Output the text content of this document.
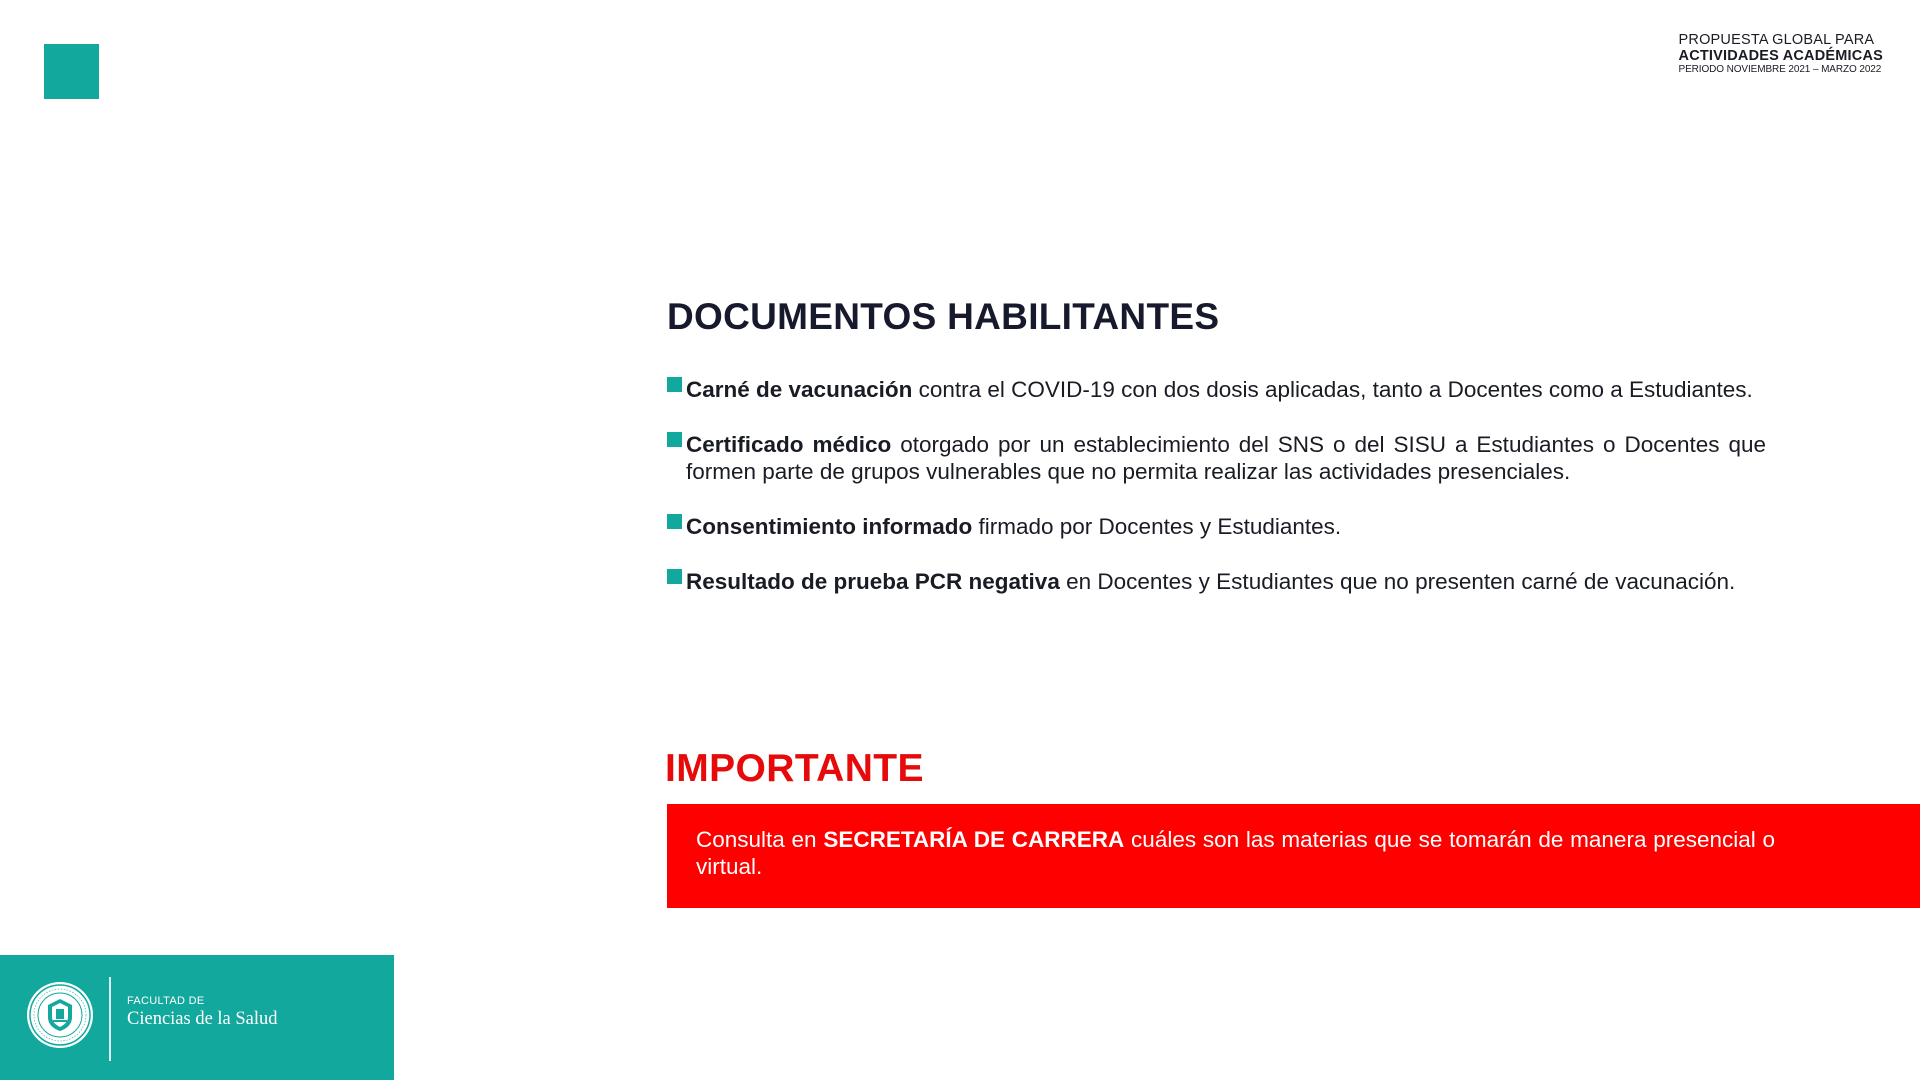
PROPUESTA GLOBAL PARA
ACTIVIDADES ACADÉMICAS
PERIODO NOVIEMBRE 2021 – MARZO 2022
DOCUMENTOS HABILITANTES

Carné de vacunación contra el COVID-19 con dos dosis aplicadas, tanto a Docentes como a Estudiantes.

Certificado médico otorgado por un establecimiento del SNS o del SISU a Estudiantes o Docentes que formen parte de grupos vulnerables que no permita realizar las actividades presenciales.

Consentimiento informado firmado por Docentes y Estudiantes.

Resultado de prueba PCR negativa en Docentes y Estudiantes que no presenten carné de vacunación.

IMPORTANTE

Consulta en SECRETARÍA DE CARRERA cuáles son las materias que se tomarán de manera presencial o virtual.

FACULTAD DE
Ciencias de la Salud
